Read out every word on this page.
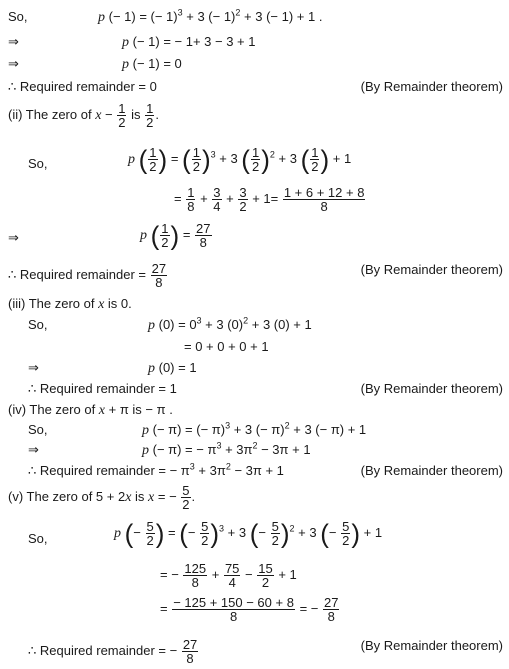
So,	p (− 1) = (− 1)$^3$ + 3 (− 1)$^2$ + 3 (− 1) + 1 .
⇒	p (− 1) = − 1+ 3 − 3 + 1
⇒	p (− 1) = 0
∴ Required remainder = 0	(By Remainder theorem)
(ii) The zero of $x - \frac{1}{2}$ is $\frac{1}{2}$ .
So,	p ( $\frac{1}{2}$ ) = ( $\frac{1}{2} )^3 + 3$ ( $\frac{1}{2} )^2 + 3$ ( $\frac{1}{2}$ ) + 1
= $\frac{1}{8} + \frac{3}{4} + \frac{3}{2} + 1= \frac{1 + 6 + 12 + 8}{8}$
⇒	p ( $\frac{1}{2}$ ) = $\frac{27}{8}$
∴ Required remainder = $\frac{27}{8}$	(By Remainder theorem)
(iii) The zero of x is 0.
So,	p $(0) = 0^3 + 3$ $(0)^2 + 3$ (0) + 1
= 0 + 0 + 0 + 1
⇒	p (0) = 1
∴ Required remainder = 1	(By Remainder theorem)
(iv) The zero of x + π is − π .
So,	p (− π) = (− π)$^3$ + 3 (− π)$^2$ + 3 (− π) + 1
⇒	p (− π) = − $\pi^3 + 3\pi^2 - 3\pi + 1$
∴ Required remainder = − $\pi^3 + 3\pi^2 - 3\pi + 1$	(By Remainder theorem)
(v) The zero of 5 + 2x is x = − $\frac{5}{2}$ .
So,	p (− $\frac{5}{2}$ ) = (− $\frac{5}{2} )^3 + 3$ (− $\frac{5}{2} )^2 + 3$ (− $\frac{5}{2}$ ) + 1
= − $\frac{125}{8} + \frac{75}{4} - \frac{15}{2} + 1$
= $\frac{- 125 + 150 - 60 + 8}{8}$ = − $\frac{27}{8}$
∴ Required remainder = − $\frac{27}{8}$	(By Remainder theorem)
